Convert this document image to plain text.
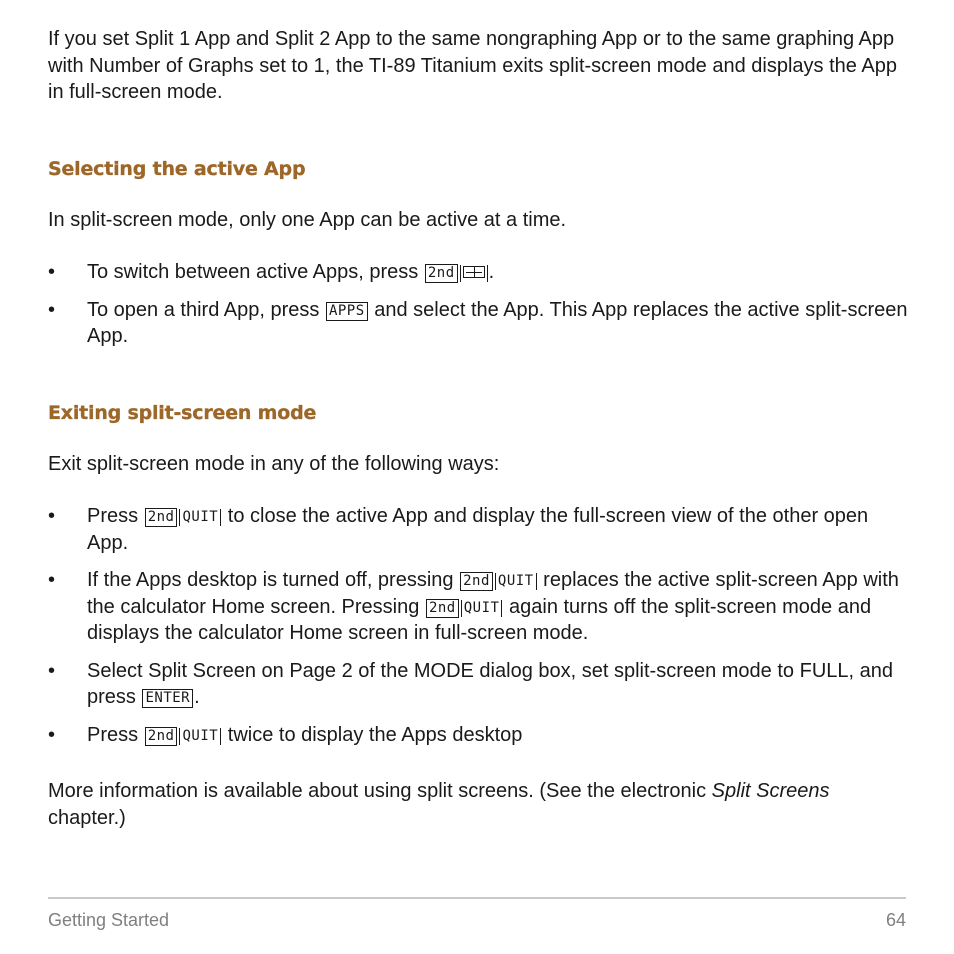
If you set Split 1 App and Split 2 App to the same nongraphing App or to the same graphing App with Number of Graphs set to 1, the TI-89 Titanium exits split-screen mode and displays the App in full-screen mode.

Selecting the active App

In split-screen mode, only one App can be active at a time.

• To switch between active Apps, press 2nd .
• To open a third App, press APPS and select the App. This App replaces the active split-screen App.
Exiting split-screen mode

Exit split-screen mode in any of the following ways:

• Press 2nd QUIT to close the active App and display the full-screen view of the other open App.
• If the Apps desktop is turned off, pressing 2nd QUIT replaces the active split-screen App with the calculator Home screen. Pressing 2nd QUIT again turns off the split-screen mode and displays the calculator Home screen in full-screen mode.
• Select Split Screen on Page 2 of the MODE dialog box, set split-screen mode to FULL, and press ENTER .
• Press 2nd QUIT twice to display the Apps desktop

More information is available about using split screens. (See the electronic Split Screens chapter.)

Getting Started	64
